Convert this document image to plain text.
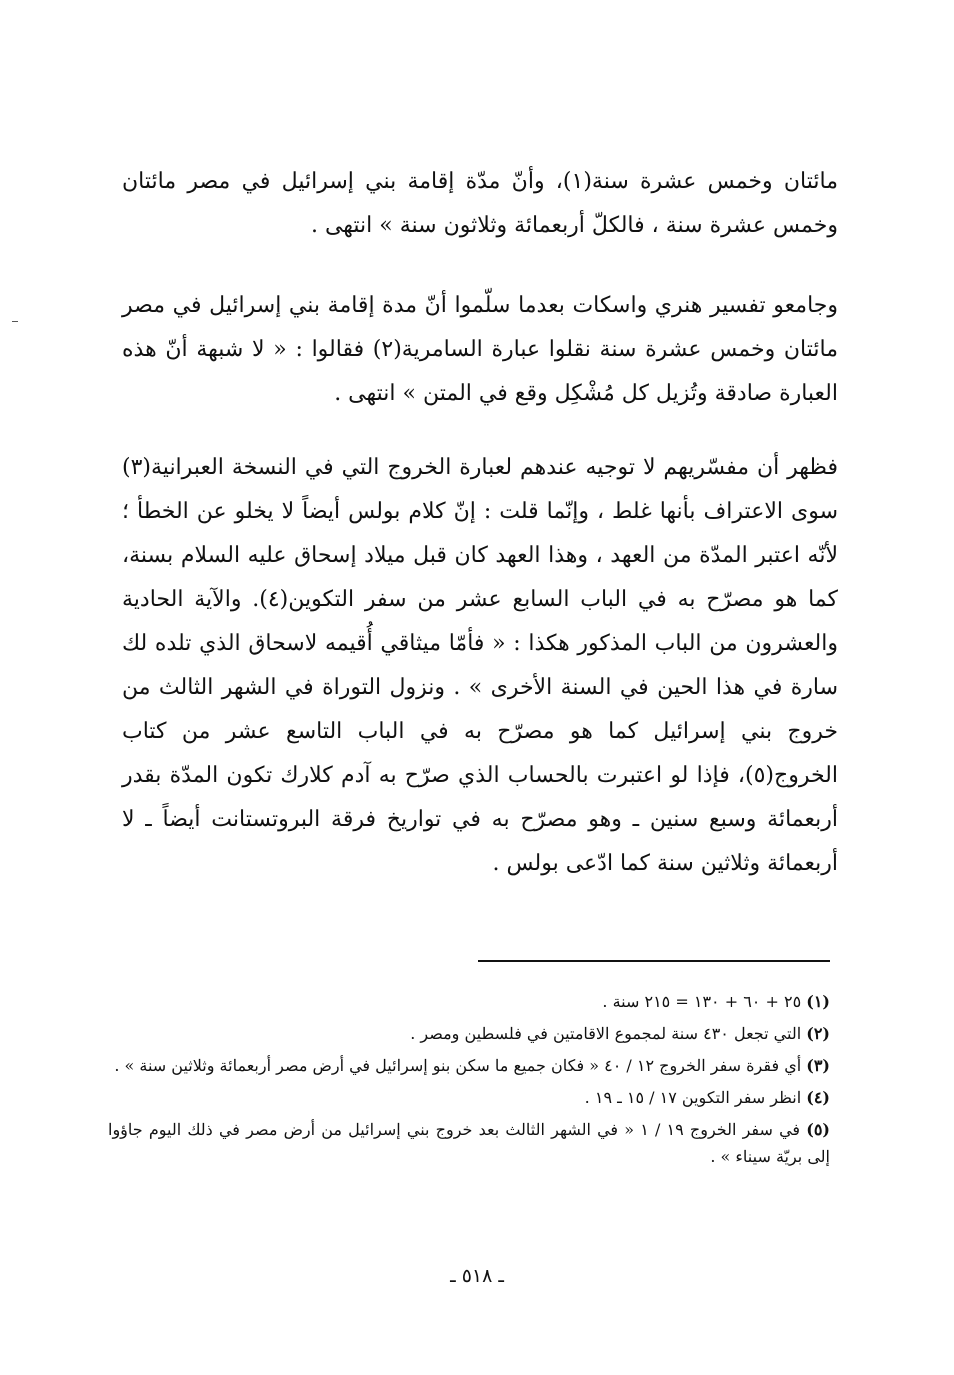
مائتان وخمس عشرة سنة(١)، وأنّ مدّة إقامة بني إسرائيل في مصر مائتان وخمس عشرة سنة ، فالكلّ أربعمائة وثلاثون سنة » انتهى .
وجامعو تفسير هنري واسكات بعدما سلّموا أنّ مدة إقامة بني إسرائيل في مصر مائتان وخمس عشرة سنة نقلوا عبارة السامرية(٢) فقالوا : « لا شبهة أنّ هذه العبارة صادقة وتُزيل كل مُشْكِل وقع في المتن » انتهى .
فظهر أن مفسّريهم لا توجيه عندهم لعبارة الخروج التي في النسخة العبرانية(٣) سوى الاعتراف بأنها غلط ، وإنّما قلت : إنّ كلام بولس أيضاً لا يخلو عن الخطأ ؛ لأنّه اعتبر المدّة من العهد ، وهذا العهد كان قبل ميلاد إسحاق عليه السلام بسنة، كما هو مصرّح به في الباب السابع عشر من سفر التكوين(٤). والآية الحادية والعشرون من الباب المذكور هكذا : « فأمّا ميثاقي أُقيمه لاسحاق الذي تلده لك سارة في هذا الحين في السنة الأخرى » . ونزول التوراة في الشهر الثالث من خروج بني إسرائيل كما هو مصرّح به في الباب التاسع عشر من كتاب الخروج(٥)، فإذا لو اعتبرت بالحساب الذي صرّح به آدم كلارك تكون المدّة بقدر أربعمائة وسبع سنين ـ وهو مصرّح به في تواريخ فرقة البروتستانت أيضاً ـ لا أربعمائة وثلاثين سنة كما ادّعى بولس .
(١) ٢٥ + ٦٠ + ١٣٠ = ٢١٥ سنة .
(٢) التي تجعل ٤٣٠ سنة لمجموع الاقامتين في فلسطين ومصر .
(٣) أي فقرة سفر الخروج ١٢ / ٤٠ « فكان جميع ما سكن بنو إسرائيل في أرض مصر أربعمائة وثلاثين سنة » .
(٤) انظر سفر التكوين ١٧ / ١٥ ـ ١٩ .
(٥) في سفر الخروج ١٩ / ١ « في الشهر الثالث بعد خروج بني إسرائيل من أرض مصر في ذلك اليوم جاؤوا إلى بريّة سيناء » .
ـ ٥١٨ ـ
